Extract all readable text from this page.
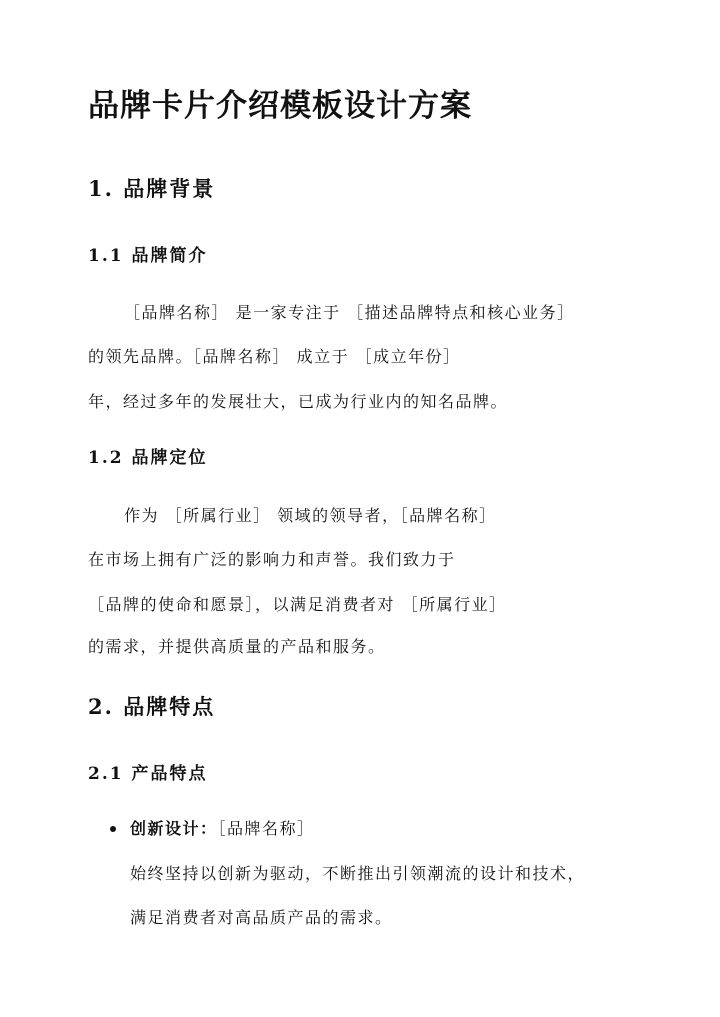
品牌卡片介绍模板设计方案
1. 品牌背景
1.1 品牌简介
［品牌名称］ 是一家专注于 ［描述品牌特点和核心业务］
的领先品牌。［品牌名称］ 成立于 ［成立年份］
年，经过多年的发展壮大，已成为行业内的知名品牌。
1.2 品牌定位
作为 ［所属行业］ 领域的领导者，［品牌名称］
在市场上拥有广泛的影响力和声誉。我们致力于
［品牌的使命和愿景］，以满足消费者对 ［所属行业］
的需求，并提供高质量的产品和服务。
2. 品牌特点
2.1 产品特点
创新设计：［品牌名称］
始终坚持以创新为驱动，不断推出引领潮流的设计和技术，
满足消费者对高品质产品的需求。
